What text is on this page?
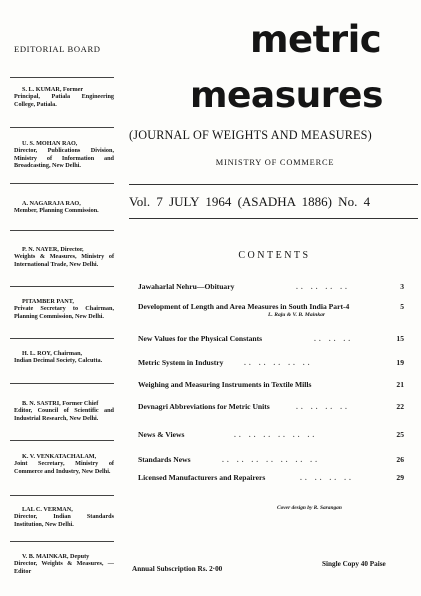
EDITORIAL BOARD
S. L. KUMAR, Former
Principal, Patiala Engineering College, Patiala.
U. S. MOHAN RAO,
Director, Publications Division, Ministry of Information and Broadcasting, New Delhi.
A. NAGARAJA RAO,
Member, Planning Commission.
P. N. NAYER, Director,
Weights & Measures, Ministry of International Trade, New Delhi.
PITAMBER PANT,
Private Secretary to Chairman, Planning Commission, New Delhi.
H. L. ROY, Chairman,
Indian Decimal Society, Calcutta.
B. N. SASTRI, Former Chief
Editor, Council of Scientific and Industrial Research, New Delhi.
K. V. VENKATACHALAM,
Joint Secretary, Ministry of Commerce and Industry, New Delhi.
LAL C. VERMAN,
Director, Indian Standards Institution, New Delhi.
V. B. MAINKAR, Deputy
Director, Weights & Measures, —Editor
metric
measures
(JOURNAL OF WEIGHTS AND MEASURES)
MINISTRY OF COMMERCE
Vol. 7 JULY 1964 (ASADHA 1886) No. 4
CONTENTS
Jawaharlal Nehru—Obituary	.. .. .. ..	3
Development of Length and Area Measures in South India Part-4	5
L. Raju & V. B. Mainkar
New Values for the Physical Constants	.. .. ..	15
Metric System in Industry	.. .. .. .. ..	19
Weighing and Measuring Instruments in Textile Mills	21
Devnagri Abbreviations for Metric Units	.. .. .. ..	22
News & Views	.. .. .. .. .. ..	25
Standards News	.. .. .. .. .. .. ..	26
Licensed Manufacturers and Repairers	.. .. .. ..	29
Cover design by R. Sarangan
Annual Subscription Rs. 2·00
Single Copy 40 Paise
